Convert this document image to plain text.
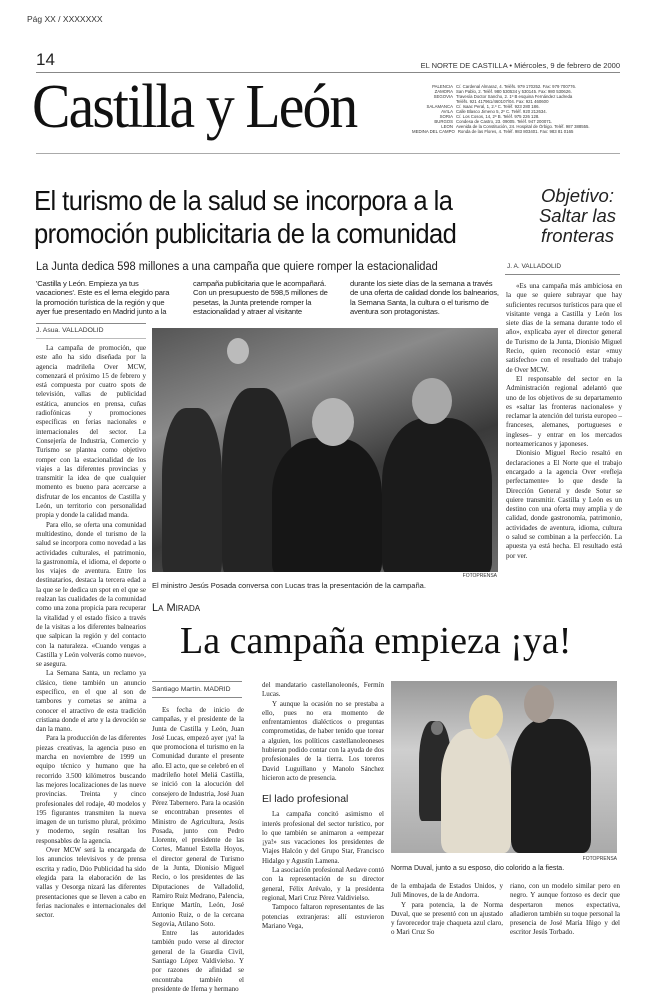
Pág XX / XXXXXXX
14	EL NORTE DE CASTILLA • Miércoles, 9 de febrero de 2000
Castilla y León	PALENCIA C/. Cardenal Almaraz, 4. Teléfs. 979 170252. Fax: 979 700776.
ZAMORA San Pablo, 2. Teléf. 980 530534 y 530145. Fax: 980 530626.
SEGOVIA Travesía Doctor Sancho, 2. 1º B esquina Fernández Ladreda
Teléfs. 921 417961/460107/04. Fax: 921 460600
SALAMANCA C/. Isaac Peral, 1, 2.º C. Teléf. 923 280 186.
AVILA Calle Blasco Jimeno 5, 2º C. Teléf. 920 212634.
SORIA C/. Los Cosos, 14, 2º B. Teléf. 975 226 128.
BURGOS Condesa de Castro, 23. 09005. Teléf. 947 200071.
LEON Avenida de la Constitución, 24. Hospital de Órbigo. Teléf. 987 388555.
MEDINA DEL CAMPO Ronda de las Flores, 4. Teléf. 983 803401. Fax: 983 81 0165
El turismo de la salud se incorpora a la promoción publicitaria de la comunidad
La Junta dedica 598 millones a una campaña que quiere romper la estacionalidad
Objetivo: Saltar las fronteras
J. A. VALLADOLID
'Castilla y León. Empieza ya tus vacaciones'. Este es el lema elegido para la promoción turística de la región y que ayer fue presentado en Madrid junto a la
campaña publicitaria que le acompañará. Con un presupuesto de 598,5 millones de pesetas, la Junta pretende romper la estacionalidad y atraer al visitante
durante los siete días de la semana a través de una oferta de calidad donde los balnearios, la Semana Santa, la cultura o el turismo de aventura son protagonistas.
J. Asua. VALLADOLID

La campaña de promoción, que este año ha sido diseñada por la agencia madrileña Over MCW, comenzará el próximo 15 de febrero y está compuesta por cuatro spots de televisión, vallas de publicidad estática, anuncios en prensa, cuñas radiofónicas y promociones específicas en ferias nacionales e internacionales del sector. La Consejería de Industria, Comercio y Turismo se plantea como objetivo romper con la estacionalidad de los viajes a las diferentes provincias y transmitir la idea de que cualquier momento es bueno para acercarse a disfrutar de los encantos de Castilla y León, un territorio con personalidad propia y donde la calidad manda.

Para ello, se oferta una comunidad multidestino, donde el turismo de la salud se incorpora como novedad a las actividades culturales, el patrimonio, la gastronomía, el idioma, el deporte o los viajes de aventura. Entre los destinatarios, destaca la tercera edad a la que se le dedica un spot en el que se realzan las cualidades de la comunidad como una zona propicia para recuperar la vitalidad y el estado físico a través de la visitas a los diferentes balnearios que salpican la región y del contacto con la naturaleza. «Cuando vengas a Castilla y León volverás como nuevo», se asegura.

La Semana Santa, un reclamo ya clásico, tiene también un anuncio específico, en el que al son de tambores y cornetas se anima a conocer el atractivo de esta tradición cristiana donde el arte y la devoción se dan la mano.

Para la producción de las diferentes piezas creativas, la agencia puso en marcha en noviembre de 1999 un equipo técnico y humano que ha recorrido 3.500 kilómetros buscando las mejores localizaciones de las nueve provincias. Treinta y cinco profesionales del rodaje, 40 modelos y 195 figurantes transmiten la nueva imagen de un turismo plural, próximo y moderno, según resaltan los responsables de la agencia.

Over MCW será la encargada de los anuncios televisivos y de prensa escrita y radio, Dúo Publicidad ha sido elegida para la elaboración de las vallas y Oesorga nizará las diferentes presentaciones que se lleven a cabo en ferias nacionales e internacionales del sector.

FOTOPRENSA
El ministro Jesús Posada conversa con Lucas tras la presentación de la campaña.

«Es una campaña más ambiciosa en la que se quiere subrayar que hay suficientes recursos turísticos para que el visitante venga a Castilla y León los siete días de la semana durante todo el año», explicaba ayer el director general de Turismo de la Junta, Dionisio Miguel Recio, quien reconoció estar «muy satisfecho» con el resultado del trabajo de Over MCW.

El responsable del sector en la Administración regional adelantó que uno de los objetivos de su departamento es «saltar las fronteras nacionales» y reclamar la atención del turista europeo –franceses, alemanes, portugueses e ingleses– y entrar en los mercados norteamericanos y japoneses.

Dionisio Miguel Recio resaltó en declaraciones a El Norte que el trabajo encargado a la agencia Over «refleja perfectamente» lo que desde la Dirección General y desde Sotur se quiere transmitir. Castilla y León es un destino con una oferta muy amplia y de calidad, donde gastronomía, patrimonio, actividades de aventura, idioma, cultura o salud se combinan a la perfección. La apuesta ya está hecha. El resultado está por ver.

La Mirada
La campaña empieza ¡ya!
Santiago Martín. MADRID

Es fecha de inicio de campañas, y el presidente de la Junta de Castilla y León, Juan José Lucas, empezó ayer ¡ya! la que promociona el turismo en la Comunidad durante el presente año. El acto, que se celebró en el madrileño hotel Meliá Castilla, se inició con la alocución del consejero de Industria, José Juan Pérez Tabernero. Para la ocasión se encontraban presentes el Ministro de Agricultura, Jesús Posada, junto con Pedro Llorente, el presidente de las Cortes, Manuel Estella Hoyos, el director general de Turismo de la Junta, Dionisio Miguel Recio, o los presidentes de las Diputaciones de Valladolid, Ramiro Ruiz Medrano, Palencia, Enrique Martín, León, José Antonio Ruiz, o de la cercana Segovia, Atilano Soto.

Entre las autoridades también pudo verse al director general de la Guardia Civil, Santiago López Valdivielso. Y por razones de afinidad se encontraba también el presidente de Ifema y hermano

del mandatario castellanoleonés, Fermín Lucas.

Y aunque la ocasión no se prestaba a ello, pues no era momento de enfrentamientos dialécticos o preguntas comprometidas, de haber tenido que torear a alguien, los políticos castellanoleoneses hubieran podido contar con la ayuda de dos profesionales de la tierra. Los toreros David Luguillano y Manolo Sánchez hicieron acto de presencia.

El lado profesional

La campaña concitó asimismo el interés profesional del sector turístico, por lo que también se animaron a «empezar ¡ya!» sus vacaciones los presidentes de Viajes Halcón y del Grupo Star, Francisco Hidalgo y Agustín Lamena.

La asociación profesional Aedave contó con la representación de su director general, Félix Arévalo, y la presidenta regional, Mari Cruz Pérez Valdivielso.

Tampoco faltaron representantes de las potencias extranjeras: allí estuvieron Mariano Vega,

FOTOPRENSA
Norma Duval, junto a su esposo, dio colorido a la fiesta.

de la embajada de Estados Unidos, y Juli Minoves, de la de Andorra.

Y para potencia, la de Norma Duval, que se presentó con un ajustado y favorecedor traje chaqueta azul claro, o Mari Cruz So

riano, con un modelo similar pero en negro. Y aunque forzoso es decir que despertaron menos expectativa, añadieron también su toque personal la presencia de José María Iñigo y del escritor Jesús Torbado.
